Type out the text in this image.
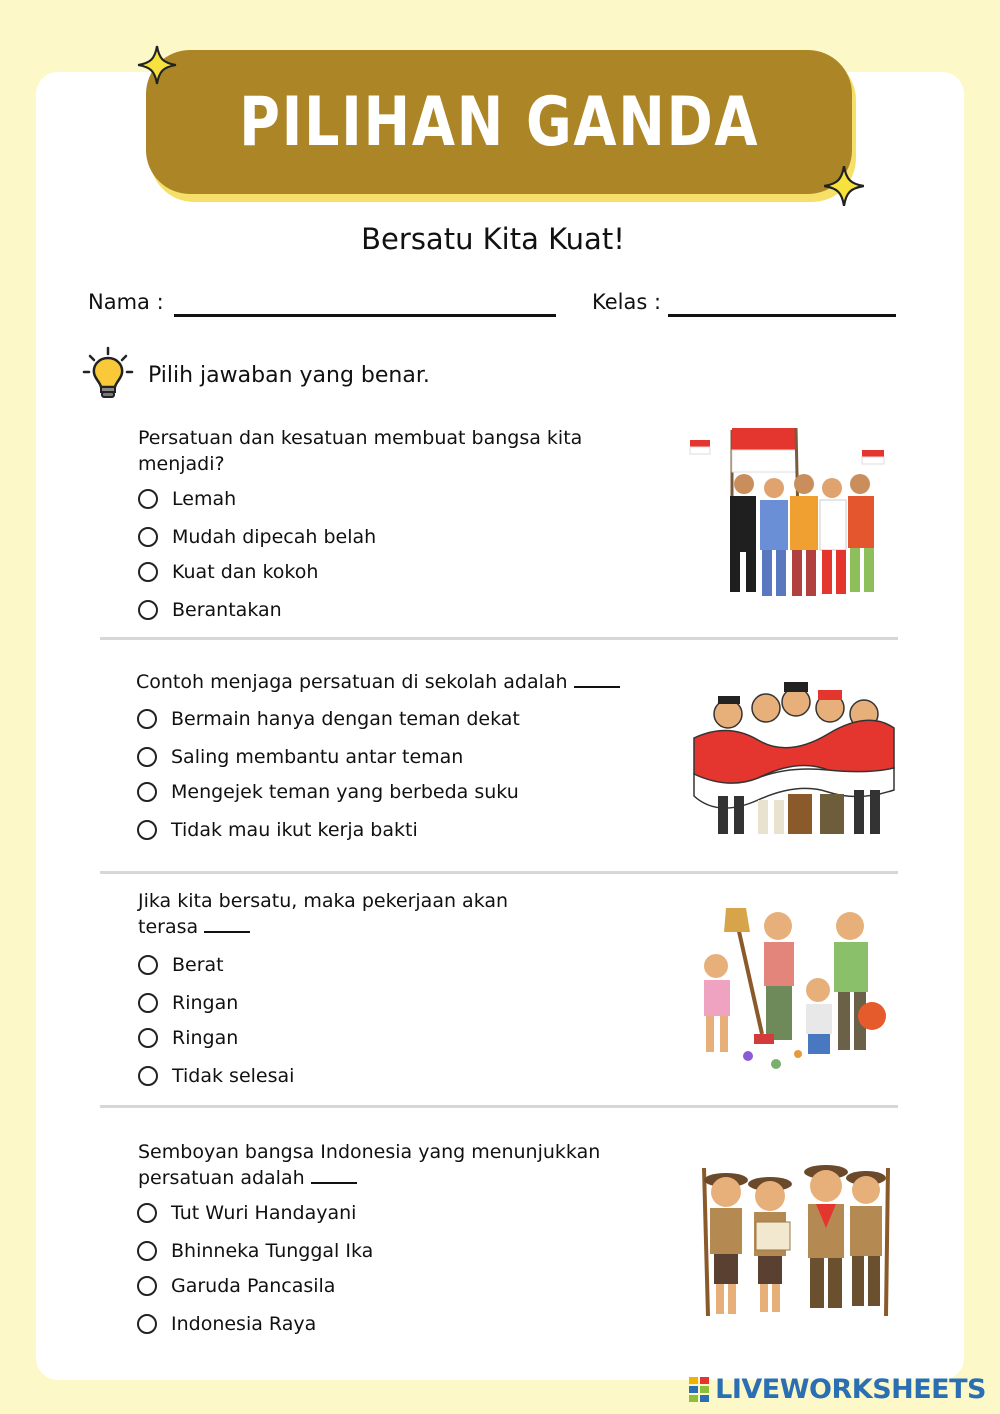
PILIHAN GANDA
Bersatu Kita Kuat!
Nama :	Kelas :
Pilih jawaban yang benar.
Persatuan dan kesatuan membuat bangsa kita menjadi?
Lemah
Mudah dipecah belah
Kuat dan kokoh
Berantakan
Contoh menjaga persatuan di sekolah adalah
Bermain hanya dengan teman dekat
Saling membantu antar teman
Mengejek teman yang berbeda suku
Tidak mau ikut kerja bakti
Jika kita bersatu, maka pekerjaan akan terasa
Berat
Ringan
Ringan
Tidak selesai
Semboyan bangsa Indonesia yang menunjukkan persatuan adalah
Tut Wuri Handayani
Bhinneka Tunggal Ika
Garuda Pancasila
Indonesia Raya
LIVEWORKSHEETS
